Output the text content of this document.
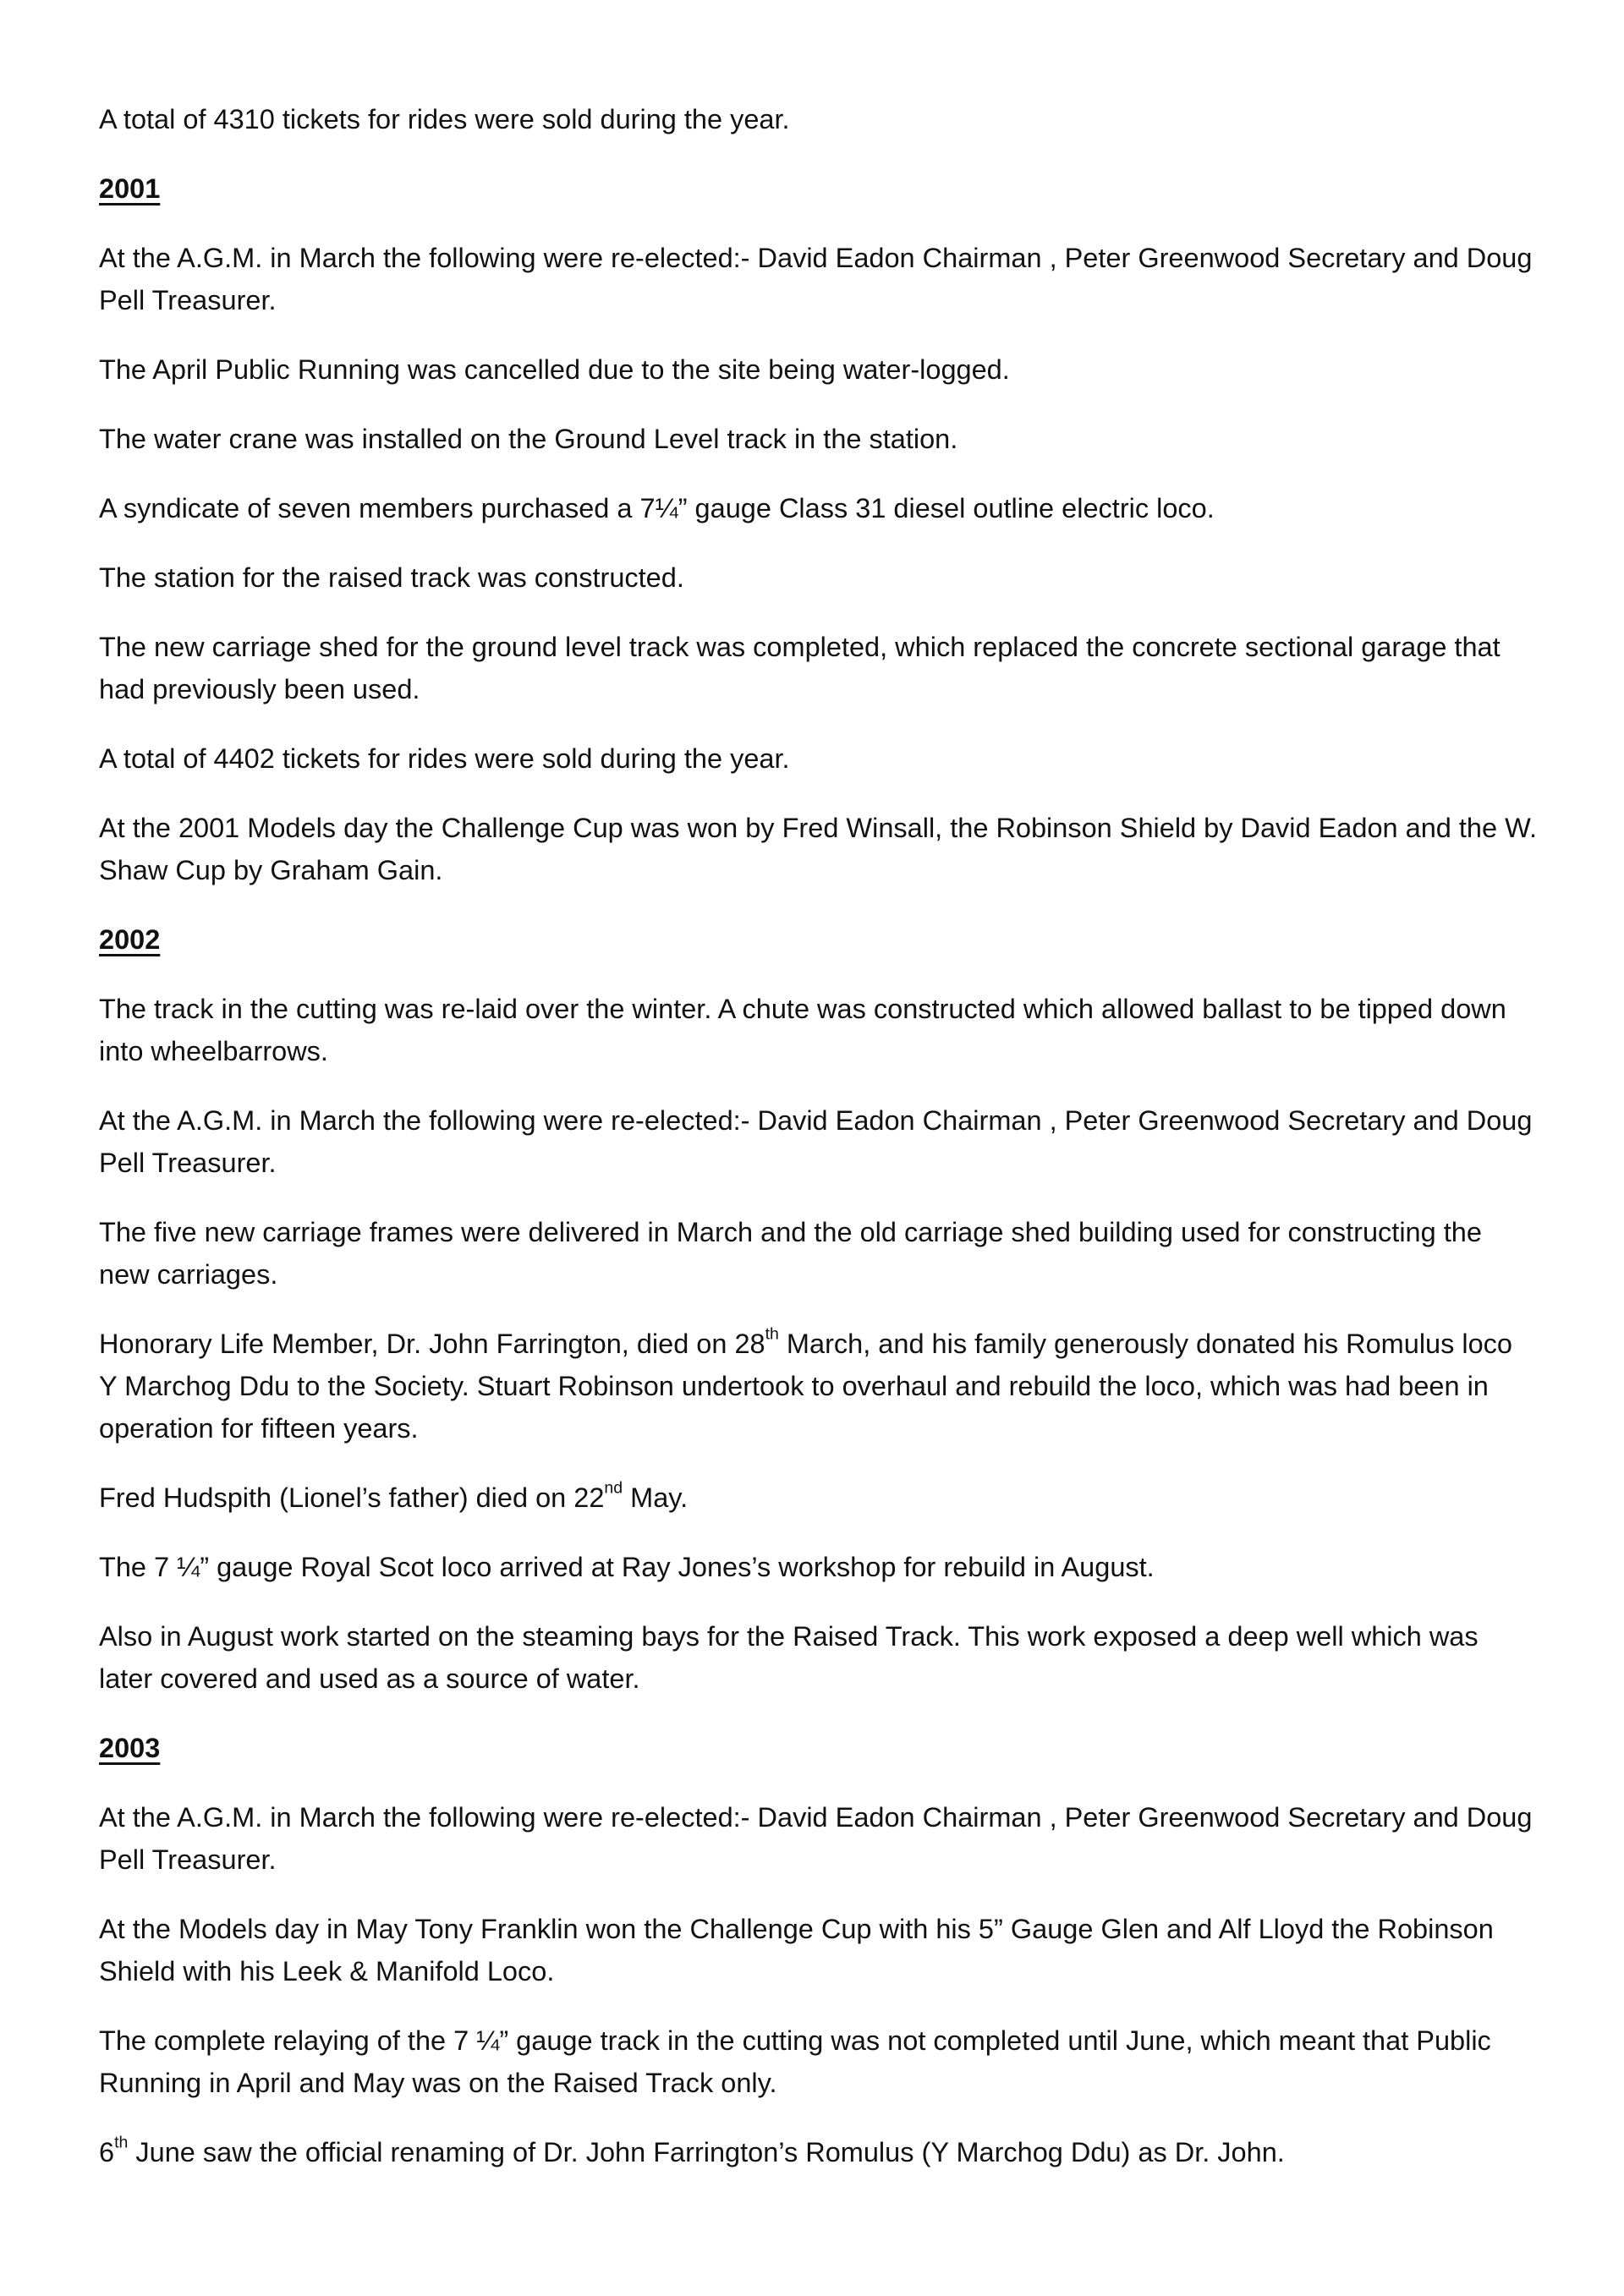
A total of 4310 tickets for rides were sold during the year.

2001

At the A.G.M. in March the following were re-elected:- David Eadon Chairman , Peter Greenwood Secretary and Doug Pell Treasurer.

The April Public Running was cancelled due to the site being water-logged.

The water crane was installed on the Ground Level track in the station.

A syndicate of seven members purchased a 7¼” gauge Class 31 diesel outline electric loco.

The station for the raised track was constructed.

The new carriage shed for the ground level track was completed, which replaced the concrete sectional garage that had previously been used.

A total of 4402 tickets for rides were sold during the year.

At the 2001 Models day the Challenge Cup was won by Fred Winsall, the Robinson Shield by David Eadon and the W. Shaw Cup by Graham Gain.

2002

The track in the cutting was re-laid over the winter. A chute was constructed which allowed ballast to be tipped down into wheelbarrows.

At the A.G.M. in March the following were re-elected:- David Eadon Chairman , Peter Greenwood Secretary and Doug Pell Treasurer.

The five new carriage frames were delivered in March and the old carriage shed building used for constructing the new carriages.

Honorary Life Member, Dr. John Farrington, died on 28th March, and his family generously donated his Romulus loco Y Marchog Ddu to the Society. Stuart Robinson undertook to overhaul and rebuild the loco, which was had been in operation for fifteen years.

Fred Hudspith (Lionel’s father) died on 22nd May.

The 7 ¼” gauge Royal Scot loco arrived at Ray Jones’s workshop for rebuild in August.

Also in August work started on the steaming bays for the Raised Track. This work exposed a deep well which was later covered and used as a source of water.

2003

At the A.G.M. in March the following were re-elected:- David Eadon Chairman , Peter Greenwood Secretary and Doug Pell Treasurer.

At the Models day in May Tony Franklin won the Challenge Cup with his 5” Gauge Glen and Alf Lloyd the Robinson Shield with his Leek & Manifold Loco.

The complete relaying of the 7 ¼” gauge track in the cutting was not completed until June, which meant that Public Running in April and May was on the Raised Track only.

6th June saw the official renaming of Dr. John Farrington’s Romulus (Y Marchog Ddu) as Dr. John.
